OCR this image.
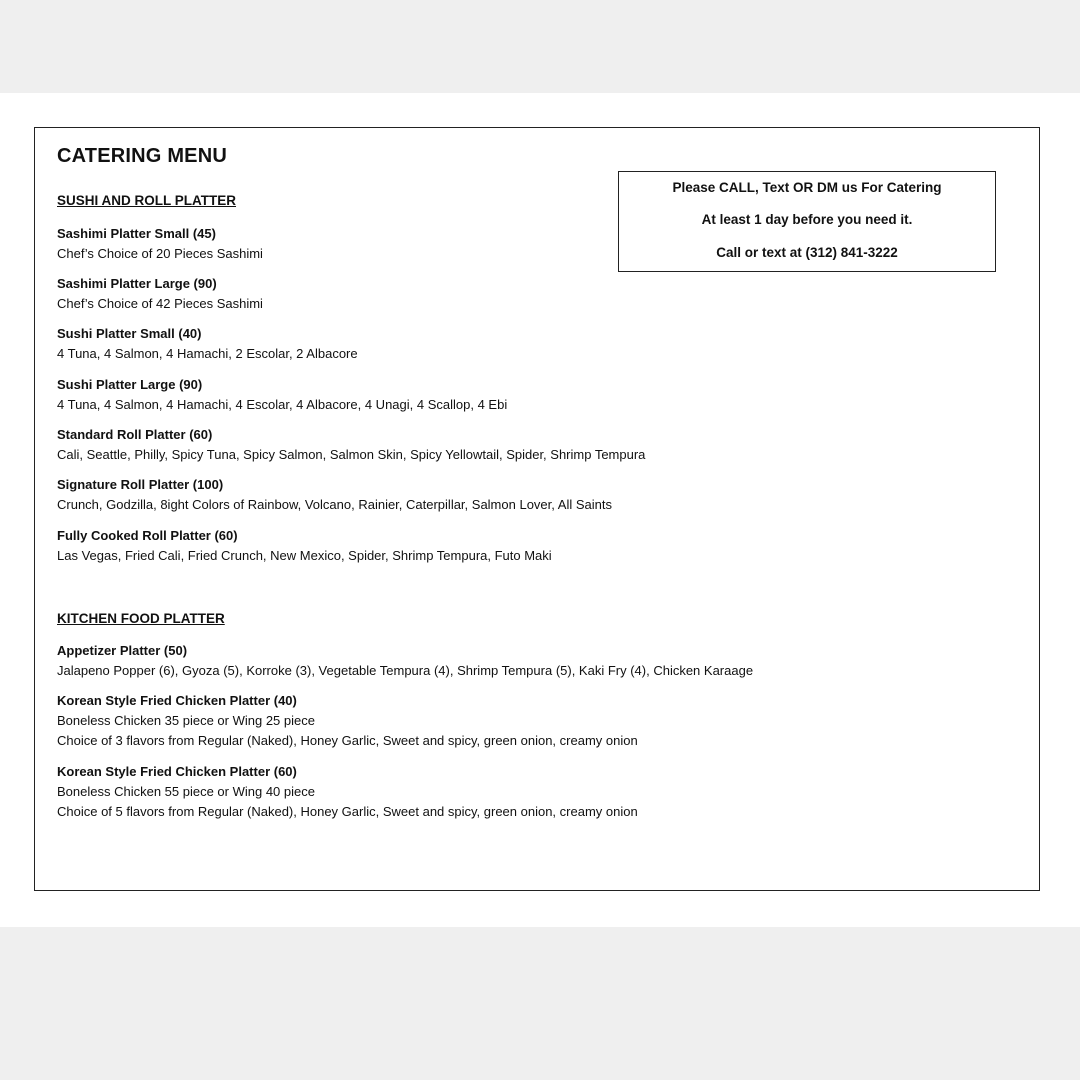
CATERING MENU
Please CALL, Text OR DM us For Catering
At least 1 day before you need it.
Call or text at (312) 841-3222
SUSHI AND ROLL PLATTER
Sashimi Platter Small (45)
Chef’s Choice of 20 Pieces Sashimi
Sashimi Platter Large (90)
Chef’s Choice of 42 Pieces Sashimi
Sushi Platter Small (40)
4 Tuna, 4 Salmon, 4 Hamachi, 2 Escolar, 2 Albacore
Sushi Platter Large (90)
4 Tuna, 4 Salmon, 4 Hamachi, 4 Escolar, 4 Albacore, 4 Unagi, 4 Scallop, 4 Ebi
Standard Roll Platter (60)
Cali, Seattle, Philly, Spicy Tuna, Spicy Salmon, Salmon Skin, Spicy Yellowtail, Spider, Shrimp Tempura
Signature Roll Platter (100)
Crunch, Godzilla, 8ight Colors of Rainbow, Volcano, Rainier, Caterpillar, Salmon Lover, All Saints
Fully Cooked Roll Platter (60)
Las Vegas, Fried Cali, Fried Crunch, New Mexico, Spider, Shrimp Tempura, Futo Maki
KITCHEN FOOD PLATTER
Appetizer Platter (50)
Jalapeno Popper (6), Gyoza (5), Korroke (3), Vegetable Tempura (4), Shrimp Tempura (5), Kaki Fry (4), Chicken Karaage
Korean Style Fried Chicken Platter (40)
Boneless Chicken 35 piece or Wing 25 piece
Choice of 3 flavors from Regular (Naked), Honey Garlic, Sweet and spicy, green onion, creamy onion
Korean Style Fried Chicken Platter (60)
Boneless Chicken 55 piece or Wing 40 piece
Choice of 5 flavors from Regular (Naked), Honey Garlic, Sweet and spicy, green onion, creamy onion
